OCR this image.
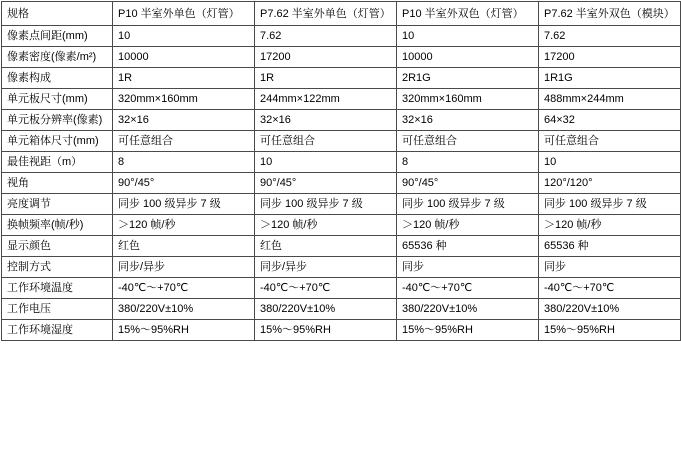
规格	P10 半室外单色（灯管）	P7.62 半室外单色（灯管）	P10 半室外双色（灯管）	P7.62 半室外双色（模块）
像素点间距(mm)	10	7.62	10	7.62
像素密度(像素/m²)	10000	17200	10000	17200
像素构成	1R	1R	2R1G	1R1G
单元板尺寸(mm)	320mm×160mm	244mm×122mm	320mm×160mm	488mm×244mm
单元板分辨率(像素)	32×16	32×16	32×16	64×32
单元箱体尺寸(mm)	可任意组合	可任意组合	可任意组合	可任意组合
最佳视距（m）	8	10	8	10
视角	90°/45°	90°/45°	90°/45°	120°/120°
亮度调节	同步 100 级异步 7 级	同步 100 级异步 7 级	同步 100 级异步 7 级	同步 100 级异步 7 级
换帧频率(帧/秒)	＞120 帧/秒	＞120 帧/秒	＞120 帧/秒	＞120 帧/秒
显示颜色	红色	红色	65536 种	65536 种
控制方式	同步/异步	同步/异步	同步	同步
工作环境温度	-40℃～+70℃	-40℃～+70℃	-40℃～+70℃	-40℃～+70℃
工作电压	380/220V±10%	380/220V±10%	380/220V±10%	380/220V±10%
工作环境湿度	15%～95%RH	15%～95%RH	15%～95%RH	15%～95%RH
